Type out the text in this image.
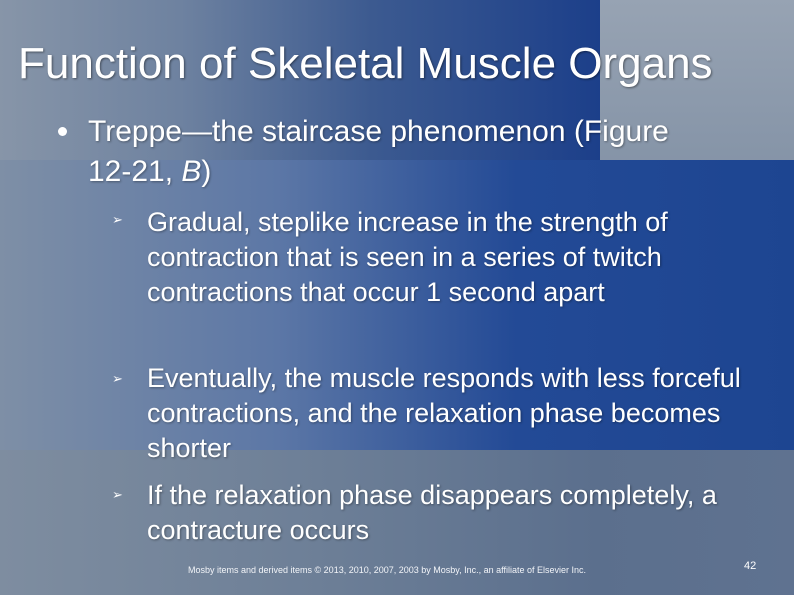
Function of Skeletal Muscle Organs
Treppe—the staircase phenomenon (Figure 12-21, B)
➢ Gradual, steplike increase in the strength of contraction that is seen in a series of twitch contractions that occur 1 second apart
➢ Eventually, the muscle responds with less forceful contractions, and the relaxation phase becomes shorter
➢ If the relaxation phase disappears completely, a contracture occurs
Mosby items and derived items © 2013, 2010, 2007, 2003 by Mosby, Inc., an affiliate of Elsevier Inc.	42
